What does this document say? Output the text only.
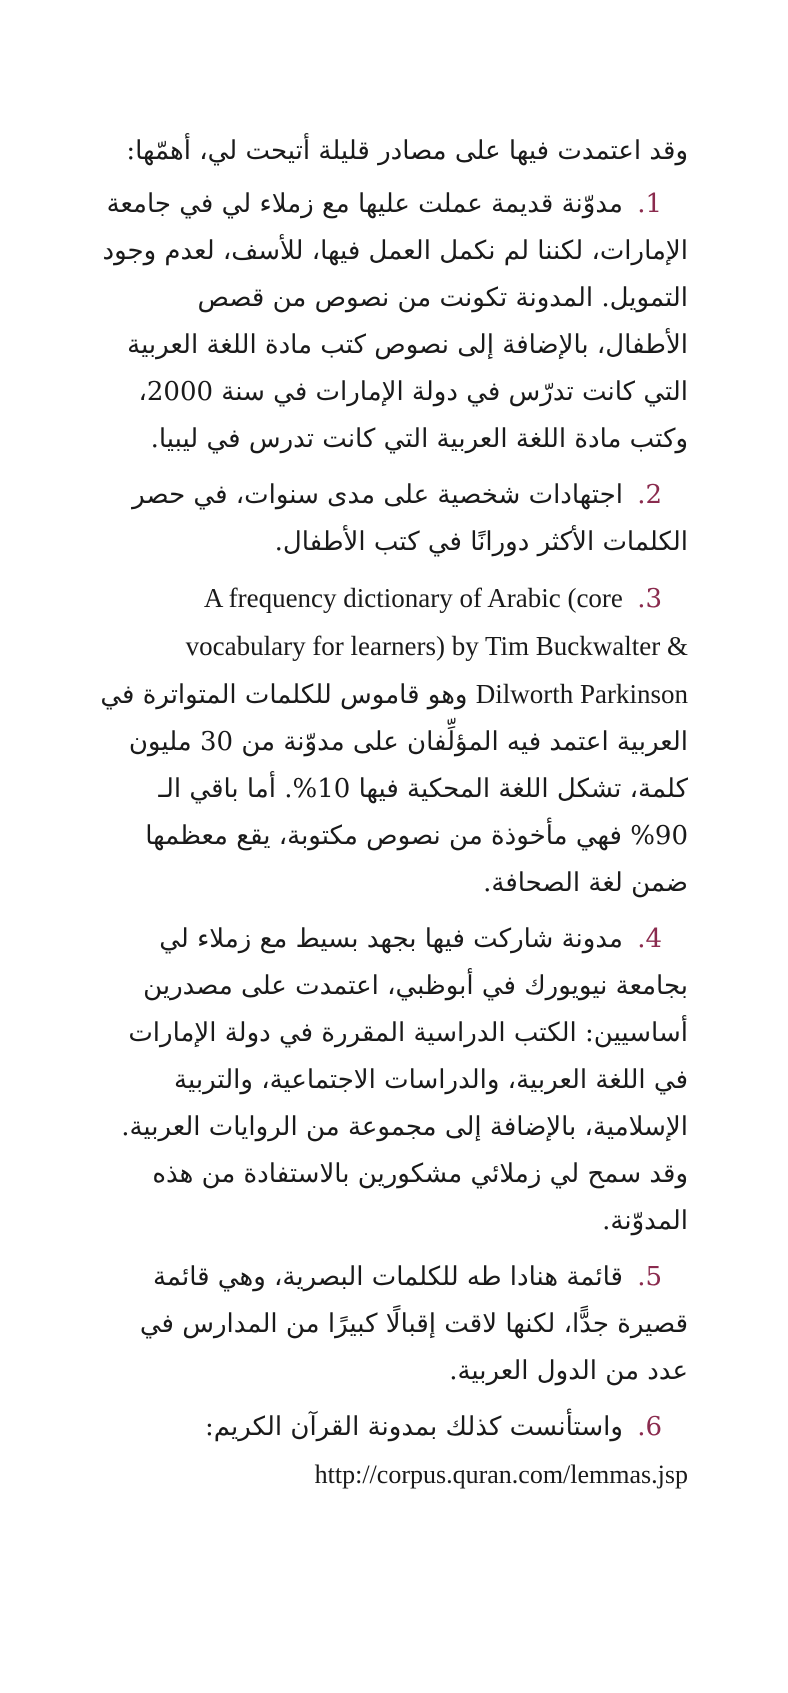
وقد اعتمدت فيها على مصادر قليلة أتيحت لي، أهمّها:

1. مدوّنة قديمة عملت عليها مع زملاء لي في جامعة الإمارات، لكننا لم نكمل العمل فيها، للأسف، لعدم وجود التمويل. المدونة تكونت من نصوص من قصص الأطفال، بالإضافة إلى نصوص كتب مادة اللغة العربية التي كانت تدرّس في دولة الإمارات في سنة 2000، وكتب مادة اللغة العربية التي كانت تدرس في ليبيا.

2. اجتهادات شخصية على مدى سنوات، في حصر الكلمات الأكثر دورانًا في كتب الأطفال.

3. A frequency dictionary of Arabic (core vocabulary for learners) by Tim Buckwalter & Dilworth Parkinson وهو قاموس للكلمات المتواترة في العربية اعتمد فيه المؤلِّفان على مدوّنة من 30 مليون كلمة، تشكل اللغة المحكية فيها 10%. أما باقي الـ 90% فهي مأخوذة من نصوص مكتوبة، يقع معظمها ضمن لغة الصحافة.

4. مدونة شاركت فيها بجهد بسيط مع زملاء لي بجامعة نيويورك في أبوظبي، اعتمدت على مصدرين أساسيين: الكتب الدراسية المقررة في دولة الإمارات في اللغة العربية، والدراسات الاجتماعية، والتربية الإسلامية، بالإضافة إلى مجموعة من الروايات العربية. وقد سمح لي زملائي مشكورين بالاستفادة من هذه المدوّنة.

5. قائمة هنادا طه للكلمات البصرية، وهي قائمة قصيرة جدًّا، لكنها لاقت إقبالًا كبيرًا من المدارس في عدد من الدول العربية.

6. واستأنست كذلك بمدونة القرآن الكريم:
http://corpus.quran.com/lemmas.jsp
